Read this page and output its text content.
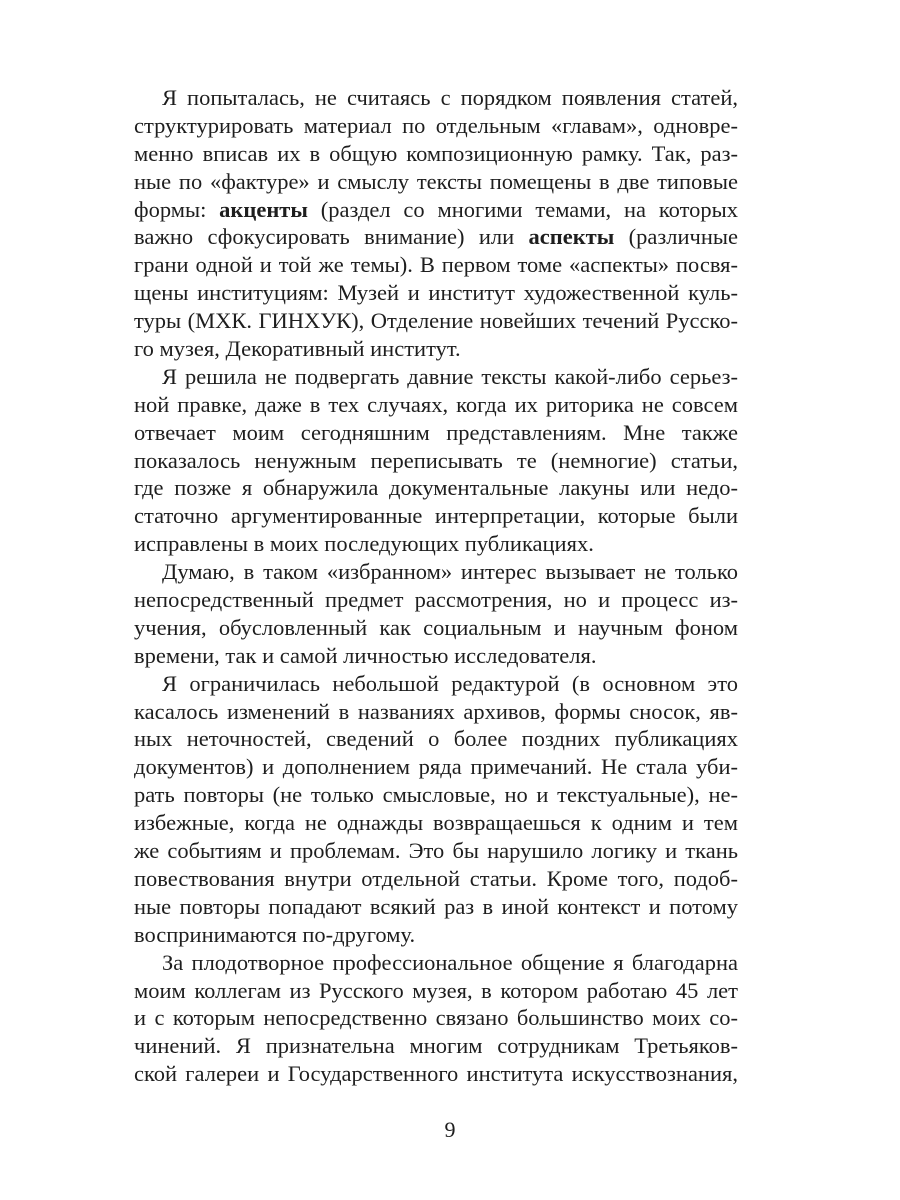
Я попыталась, не считаясь с порядком появления статей,
структурировать материал по отдельным «главам», одновре-
менно вписав их в общую композиционную рамку. Так, раз-
ные по «фактуре» и смыслу тексты помещены в две типовые
формы: акценты (раздел со многими темами, на которых
важно сфокусировать внимание) или аспекты (различные
грани одной и той же темы). В первом томе «аспекты» посвя-
щены институциям: Музей и институт художественной куль-
туры (МХК. ГИНХУК), Отделение новейших течений Русско-
го музея, Декоративный институт.
Я решила не подвергать давние тексты какой-либо серьез-
ной правке, даже в тех случаях, когда их риторика не совсем
отвечает моим сегодняшним представлениям. Мне также
показалось ненужным переписывать те (немногие) статьи,
где позже я обнаружила документальные лакуны или недо-
статочно аргументированные интерпретации, которые были
исправлены в моих последующих публикациях.
Думаю, в таком «избранном» интерес вызывает не только
непосредственный предмет рассмотрения, но и процесс из-
учения, обусловленный как социальным и научным фоном
времени, так и самой личностью исследователя.
Я ограничилась небольшой редактурой (в основном это
касалось изменений в названиях архивов, формы сносок, яв-
ных неточностей, сведений о более поздних публикациях
документов) и дополнением ряда примечаний. Не стала уби-
рать повторы (не только смысловые, но и текстуальные), не-
избежные, когда не однажды возвращаешься к одним и тем
же событиям и проблемам. Это бы нарушило логику и ткань
повествования внутри отдельной статьи. Кроме того, подоб-
ные повторы попадают всякий раз в иной контекст и потому
воспринимаются по-другому.
За плодотворное профессиональное общение я благодарна
моим коллегам из Русского музея, в котором работаю 45 лет
и с которым непосредственно связано большинство моих со-
чинений. Я признательна многим сотрудникам Третьяков-
ской галереи и Государственного института искусствознания,
9
